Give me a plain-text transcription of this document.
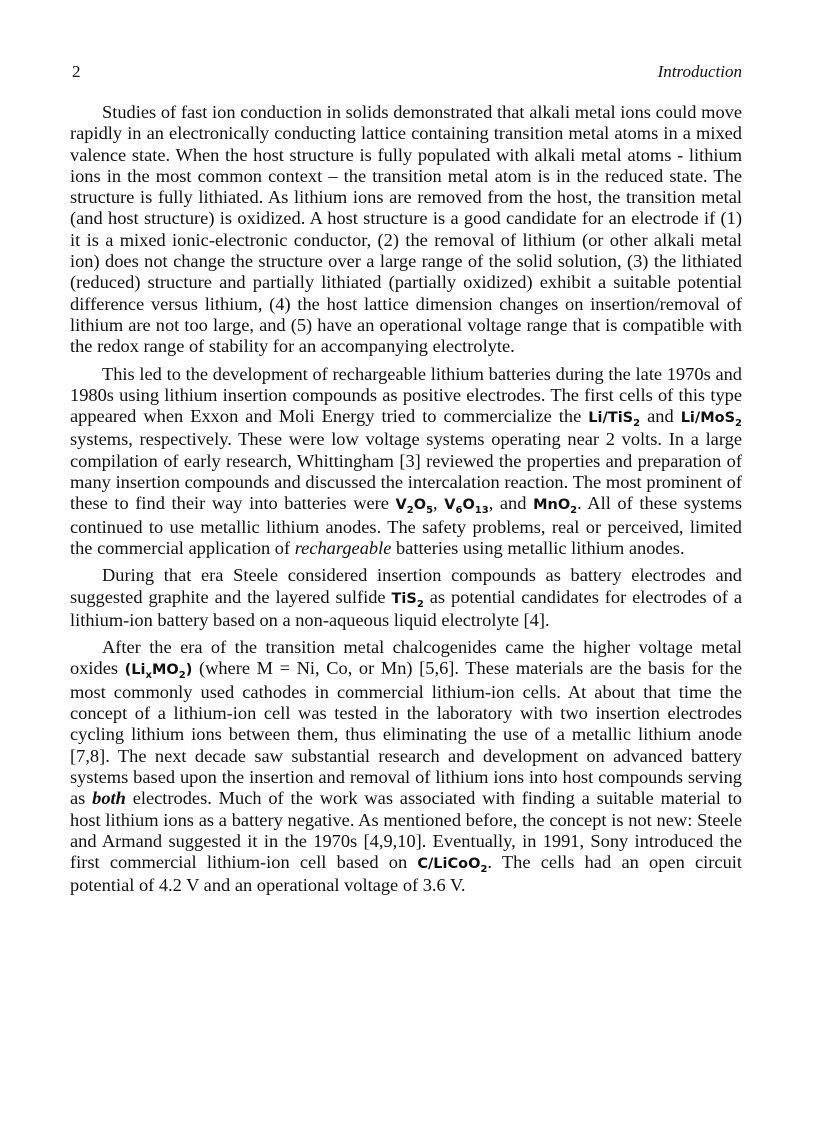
2	Introduction

Studies of fast ion conduction in solids demonstrated that alkali metal ions could move rapidly in an electronically conducting lattice containing transition metal atoms in a mixed valence state. When the host structure is fully populated with alkali metal atoms - lithium ions in the most common context – the transition metal atom is in the reduced state. The structure is fully lithiated. As lithium ions are removed from the host, the transition metal (and host structure) is oxidized. A host structure is a good candidate for an electrode if (1) it is a mixed ionic-electronic conductor, (2) the removal of lithium (or other alkali metal ion) does not change the structure over a large range of the solid solution, (3) the lithiated (reduced) structure and partially lithiated (partially oxidized) exhibit a suitable potential difference versus lithium, (4) the host lattice dimension changes on insertion/removal of lithium are not too large, and (5) have an operational voltage range that is compatible with the redox range of stability for an accompanying electrolyte.

This led to the development of rechargeable lithium batteries during the late 1970s and 1980s using lithium insertion compounds as positive electrodes. The first cells of this type appeared when Exxon and Moli Energy tried to commercialize the Li/TiS$_2$ and Li/MoS$_2$ systems, respectively. These were low voltage systems operating near 2 volts. In a large compilation of early research, Whittingham [3] reviewed the properties and preparation of many insertion compounds and discussed the intercalation reaction. The most prominent of these to find their way into batteries were $V_2O_5$, $V_6O_{13}$, and MnO$_2$. All of these systems continued to use metallic lithium anodes. The safety problems, real or perceived, limited the commercial application of rechargeable batteries using metallic lithium anodes.

During that era Steele considered insertion compounds as battery electrodes and suggested graphite and the layered sulfide TiS$_2$ as potential candidates for electrodes of a lithium-ion battery based on a non-aqueous liquid electrolyte [4].

After the era of the transition metal chalcogenides came the higher voltage metal oxides $(Li_xMO_2)$ (where M = Ni, Co, or Mn) [5,6]. These materials are the basis for the most commonly used cathodes in commercial lithium-ion cells. At about that time the concept of a lithium-ion cell was tested in the laboratory with two insertion electrodes cycling lithium ions between them, thus eliminating the use of a metallic lithium anode [7,8]. The next decade saw substantial research and development on advanced battery systems based upon the insertion and removal of lithium ions into host compounds serving as both electrodes. Much of the work was associated with finding a suitable material to host lithium ions as a battery negative. As mentioned before, the concept is not new: Steele and Armand suggested it in the 1970s [4,9,10]. Eventually, in 1991, Sony introduced the first commercial lithium-ion cell based on C/LiCoO$_2$. The cells had an open circuit potential of 4.2 V and an operational voltage of 3.6 V.
